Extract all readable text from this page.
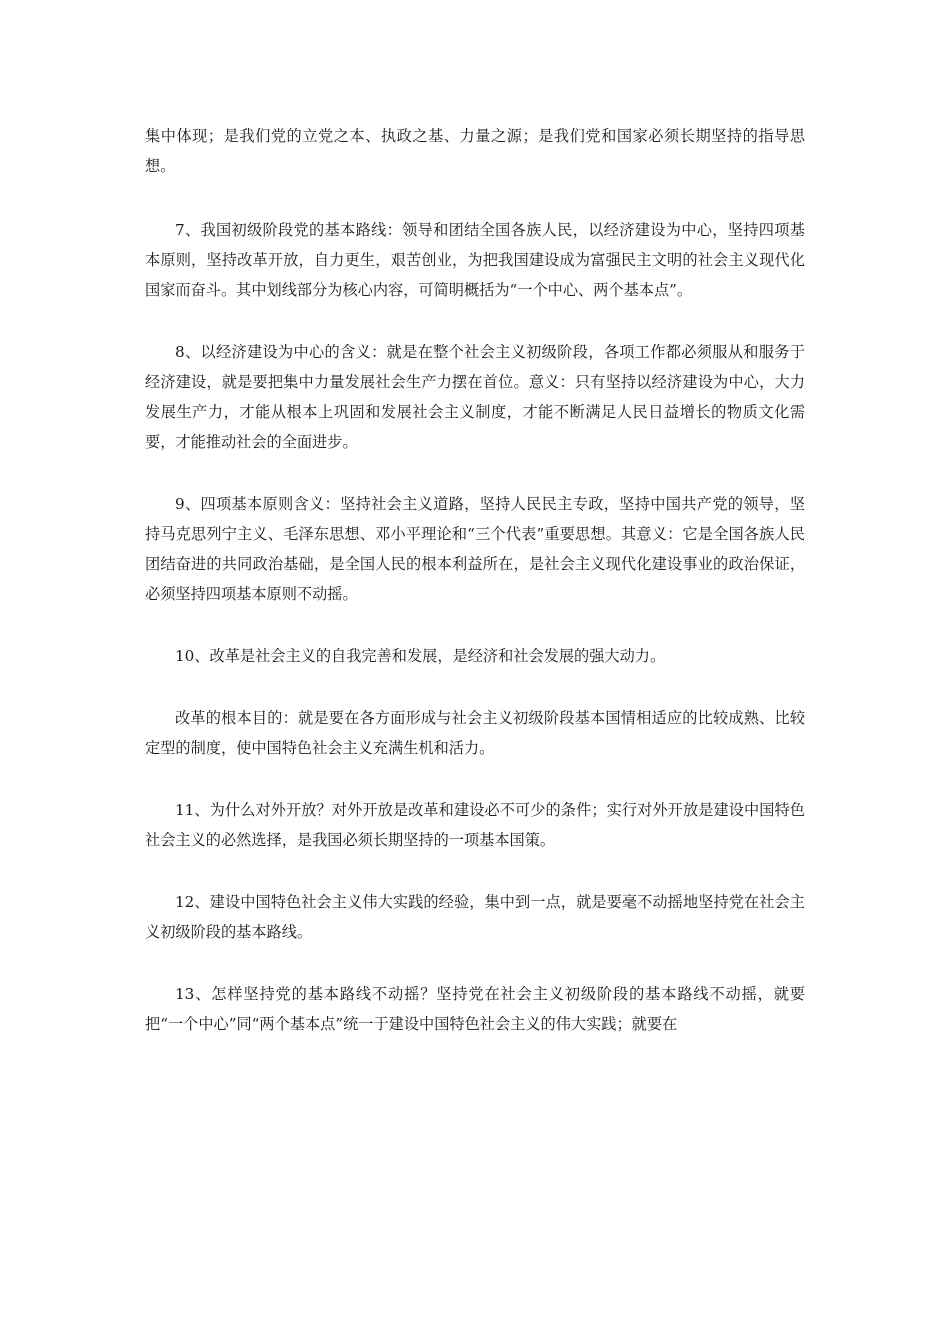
集中体现；是我们党的立党之本、执政之基、力量之源；是我们党和国家必须长期坚持的指导思想。

7、我国初级阶段党的基本路线：领导和团结全国各族人民，以经济建设为中心，坚持四项基本原则，坚持改革开放，自力更生，艰苦创业，为把我国建设成为富强民主文明的社会主义现代化国家而奋斗。其中划线部分为核心内容，可简明概括为“一个中心、两个基本点”。

8、以经济建设为中心的含义：就是在整个社会主义初级阶段，各项工作都必须服从和服务于经济建设，就是要把集中力量发展社会生产力摆在首位。意义：只有坚持以经济建设为中心，大力发展生产力，才能从根本上巩固和发展社会主义制度，才能不断满足人民日益增长的物质文化需要，才能推动社会的全面进步。

9、四项基本原则含义：坚持社会主义道路，坚持人民民主专政，坚持中国共产党的领导，坚持马克思列宁主义、毛泽东思想、邓小平理论和“三个代表”重要思想。其意义：它是全国各族人民团结奋进的共同政治基础，是全国人民的根本利益所在，是社会主义现代化建设事业的政治保证，必须坚持四项基本原则不动摇。

10、改革是社会主义的自我完善和发展，是经济和社会发展的强大动力。

改革的根本目的：就是要在各方面形成与社会主义初级阶段基本国情相适应的比较成熟、比较定型的制度，使中国特色社会主义充满生机和活力。

11、为什么对外开放？对外开放是改革和建设必不可少的条件；实行对外开放是建设中国特色社会主义的必然选择，是我国必须长期坚持的一项基本国策。

12、建设中国特色社会主义伟大实践的经验，集中到一点，就是要毫不动摇地坚持党在社会主义初级阶段的基本路线。

13、怎样坚持党的基本路线不动摇？坚持党在社会主义初级阶段的基本路线不动摇，就要把“一个中心”同“两个基本点”统一于建设中国特色社会主义的伟大实践；就要在
